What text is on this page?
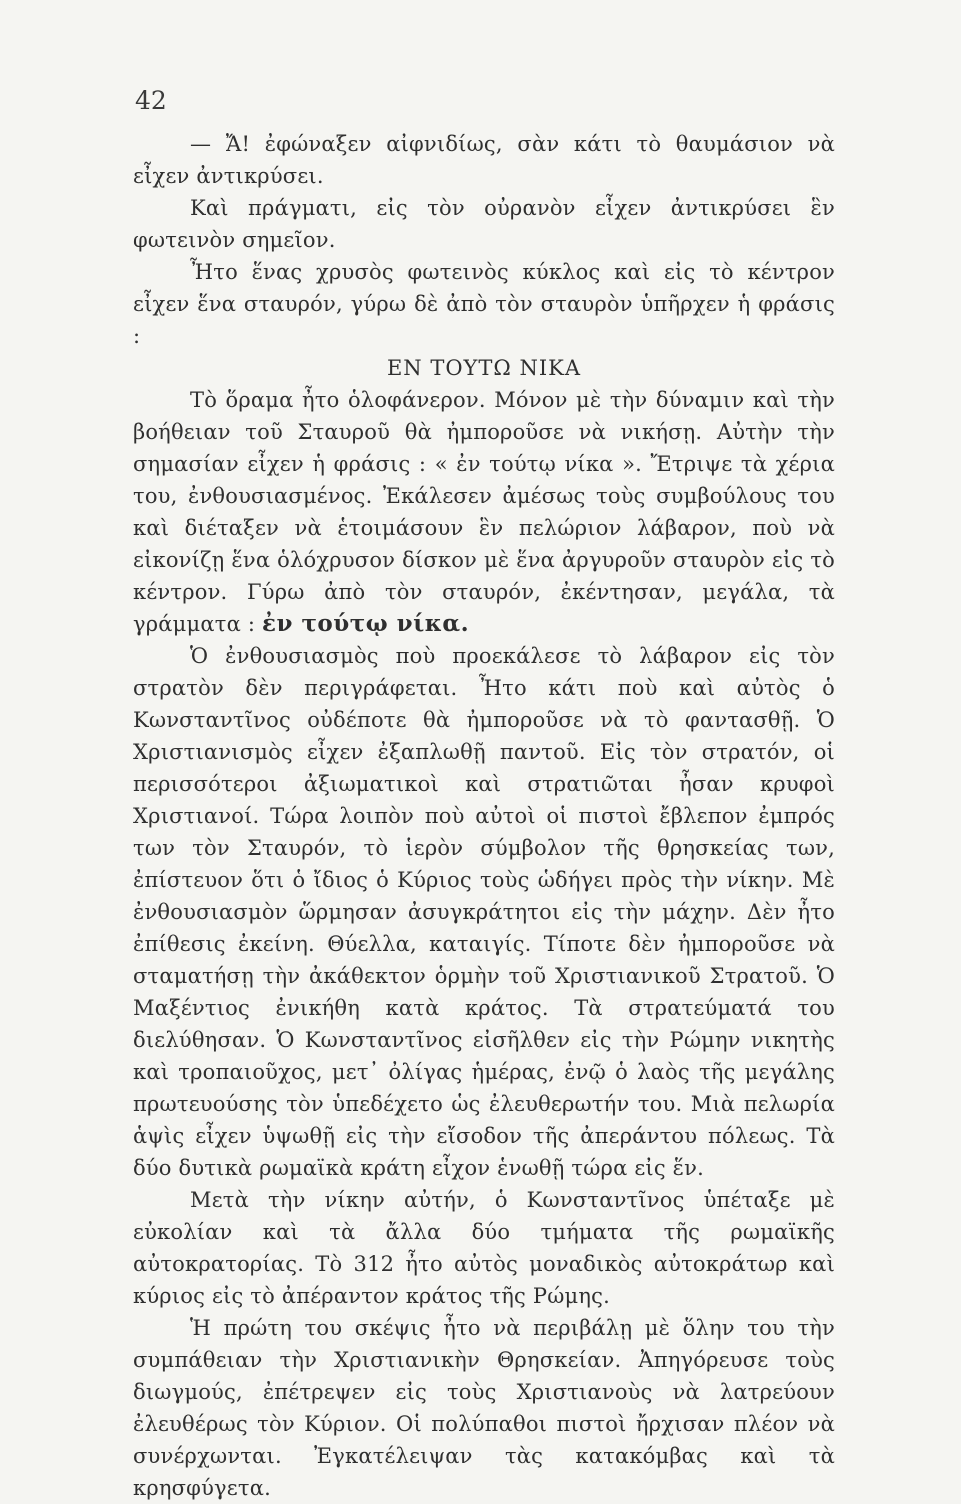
42

— Ἄ! ἐφώναξεν αἰφνιδίως, σὰν κάτι τὸ θαυμάσιον νὰ εἶχεν ἀντικρύσει.

Καὶ πράγματι, εἰς τὸν οὐρανὸν εἶχεν ἀντικρύσει ἓν φωτεινὸν σημεῖον.

Ἦτο ἕνας χρυσὸς φωτεινὸς κύκλος καὶ εἰς τὸ κέντρον εἶχεν ἕνα σταυρόν, γύρω δὲ ἀπὸ τὸν σταυρὸν ὑπῆρχεν ἡ φράσις :

ΕΝ ΤΟΥΤΩ ΝΙΚΑ

Τὸ ὅραμα ἦτο ὁλοφάνερον. Μόνον μὲ τὴν δύναμιν καὶ τὴν βοήθειαν τοῦ Σταυροῦ θὰ ἠμποροῦσε νὰ νικήσῃ. Αὐτὴν τὴν σημασίαν εἶχεν ἡ φράσις : « ἐν τούτῳ νίκα ». Ἔτριψε τὰ χέρια του, ἐνθουσιασμένος. Ἐκάλεσεν ἀμέσως τοὺς συμβούλους του καὶ διέταξεν νὰ ἑτοιμάσουν ἓν πελώριον λάβαρον, ποὺ νὰ εἰκονίζῃ ἕνα ὁλόχρυσον δίσκον μὲ ἕνα ἀργυροῦν σταυρὸν εἰς τὸ κέντρον. Γύρω ἀπὸ τὸν σταυρόν, ἐκέντησαν, μεγάλα, τὰ γράμματα : ἐν τούτῳ νίκα.

Ὁ ἐνθουσιασμὸς ποὺ προεκάλεσε τὸ λάβαρον εἰς τὸν στρατὸν δὲν περιγράφεται. Ἦτο κάτι ποὺ καὶ αὐτὸς ὁ Κωνσταντῖνος οὐδέποτε θὰ ἠμποροῦσε νὰ τὸ φαντασθῇ. Ὁ Χριστιανισμὸς εἶχεν ἐξαπλωθῇ παντοῦ. Εἰς τὸν στρατόν, οἱ περισσότεροι ἀξιωματικοὶ καὶ στρατιῶται ἦσαν κρυφοὶ Χριστιανοί. Τώρα λοιπὸν ποὺ αὐτοὶ οἱ πιστοὶ ἔβλεπον ἐμπρός των τὸν Σταυρόν, τὸ ἱερὸν σύμβολον τῆς θρησκείας των, ἐπίστευον ὅτι ὁ ἴδιος ὁ Κύριος τοὺς ὡδήγει πρὸς τὴν νίκην. Μὲ ἐνθουσιασμὸν ὥρμησαν ἀσυγκράτητοι εἰς τὴν μάχην. Δὲν ἦτο ἐπίθεσις ἐκείνη. Θύελλα, καταιγίς. Τίποτε δὲν ἠμποροῦσε νὰ σταματήσῃ τὴν ἀκάθεκτον ὁρμὴν τοῦ Χριστιανικοῦ Στρατοῦ. Ὁ Μαξέντιος ἐνικήθη κατὰ κράτος. Τὰ στρατεύματά του διελύθησαν. Ὁ Κωνσταντῖνος εἰσῆλθεν εἰς τὴν Ρώμην νικητὴς καὶ τροπαιοῦχος, μετ᾽ ὀλίγας ἡμέρας, ἐνῷ ὁ λαὸς τῆς μεγάλης πρωτευούσης τὸν ὑπεδέχετο ὡς ἐλευθερωτήν του. Μιὰ πελωρία ἁψὶς εἶχεν ὑψωθῇ εἰς τὴν εἴσοδον τῆς ἀπεράντου πόλεως. Τὰ δύο δυτικὰ ρωμαϊκὰ κράτη εἶχον ἑνωθῇ τώρα εἰς ἕν.

Μετὰ τὴν νίκην αὐτήν, ὁ Κωνσταντῖνος ὑπέταξε μὲ εὐκολίαν καὶ τὰ ἄλλα δύο τμήματα τῆς ρωμαϊκῆς αὐτοκρατορίας. Τὸ 312 ἦτο αὐτὸς μοναδικὸς αὐτοκράτωρ καὶ κύριος εἰς τὸ ἀπέραντον κράτος τῆς Ρώμης.

Ἡ πρώτη του σκέψις ἦτο νὰ περιβάλῃ μὲ ὅλην του τὴν συμπάθειαν τὴν Χριστιανικὴν Θρησκείαν. Ἀπηγόρευσε τοὺς διωγμούς, ἐπέτρεψεν εἰς τοὺς Χριστιανοὺς νὰ λατρεύουν ἐλευθέρως τὸν Κύριον. Οἱ πολύπαθοι πιστοὶ ἤρχισαν πλέον νὰ συνέρχωνται. Ἐγκατέλειψαν τὰς κατακόμβας καὶ τὰ κρησφύγετα.
